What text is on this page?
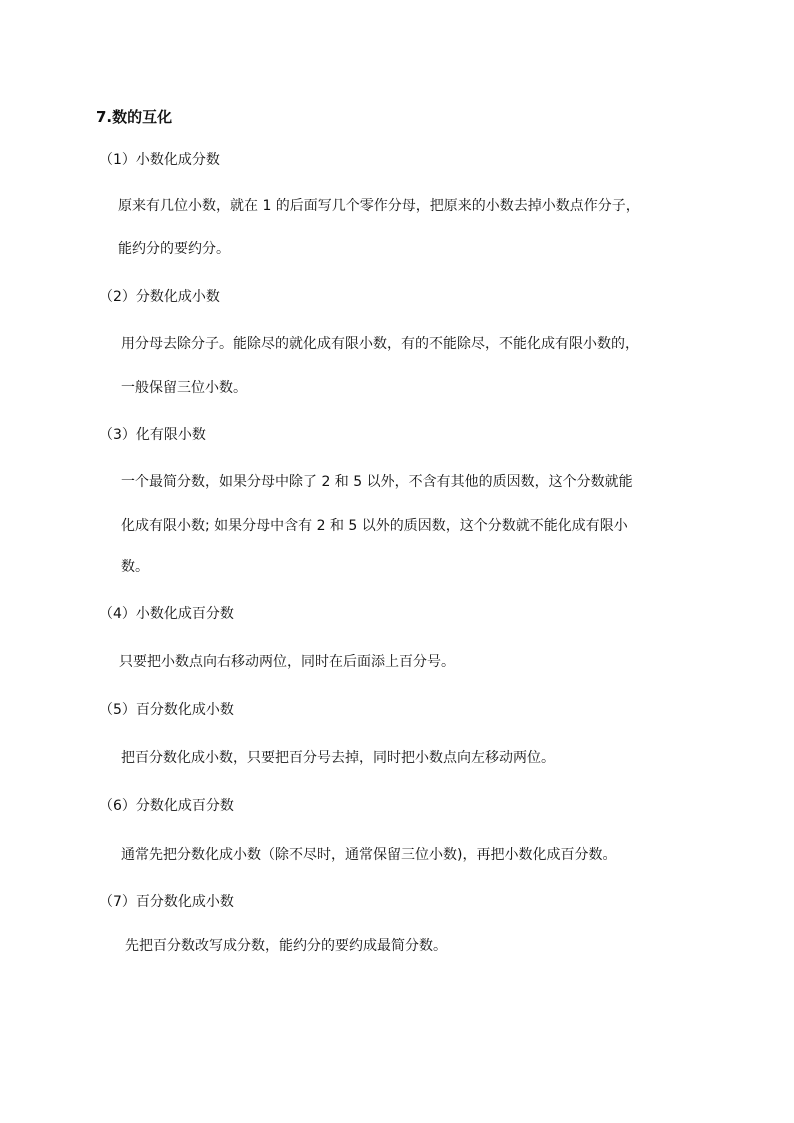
7.数的互化
（1）小数化成分数
原来有几位小数，就在 1 的后面写几个零作分母，把原来的小数去掉小数点作分子，
能约分的要约分。
（2）分数化成小数
用分母去除分子。能除尽的就化成有限小数，有的不能除尽，不能化成有限小数的，
一般保留三位小数。
（3）化有限小数
一个最简分数，如果分母中除了 2 和 5 以外，不含有其他的质因数，这个分数就能
化成有限小数; 如果分母中含有 2 和 5 以外的质因数，这个分数就不能化成有限小
数。
（4）小数化成百分数
只要把小数点向右移动两位，同时在后面添上百分号。
（5）百分数化成小数
把百分数化成小数，只要把百分号去掉，同时把小数点向左移动两位。
（6）分数化成百分数
通常先把分数化成小数（除不尽时，通常保留三位小数)，再把小数化成百分数。
（7）百分数化成小数
先把百分数改写成分数，能约分的要约成最简分数。
